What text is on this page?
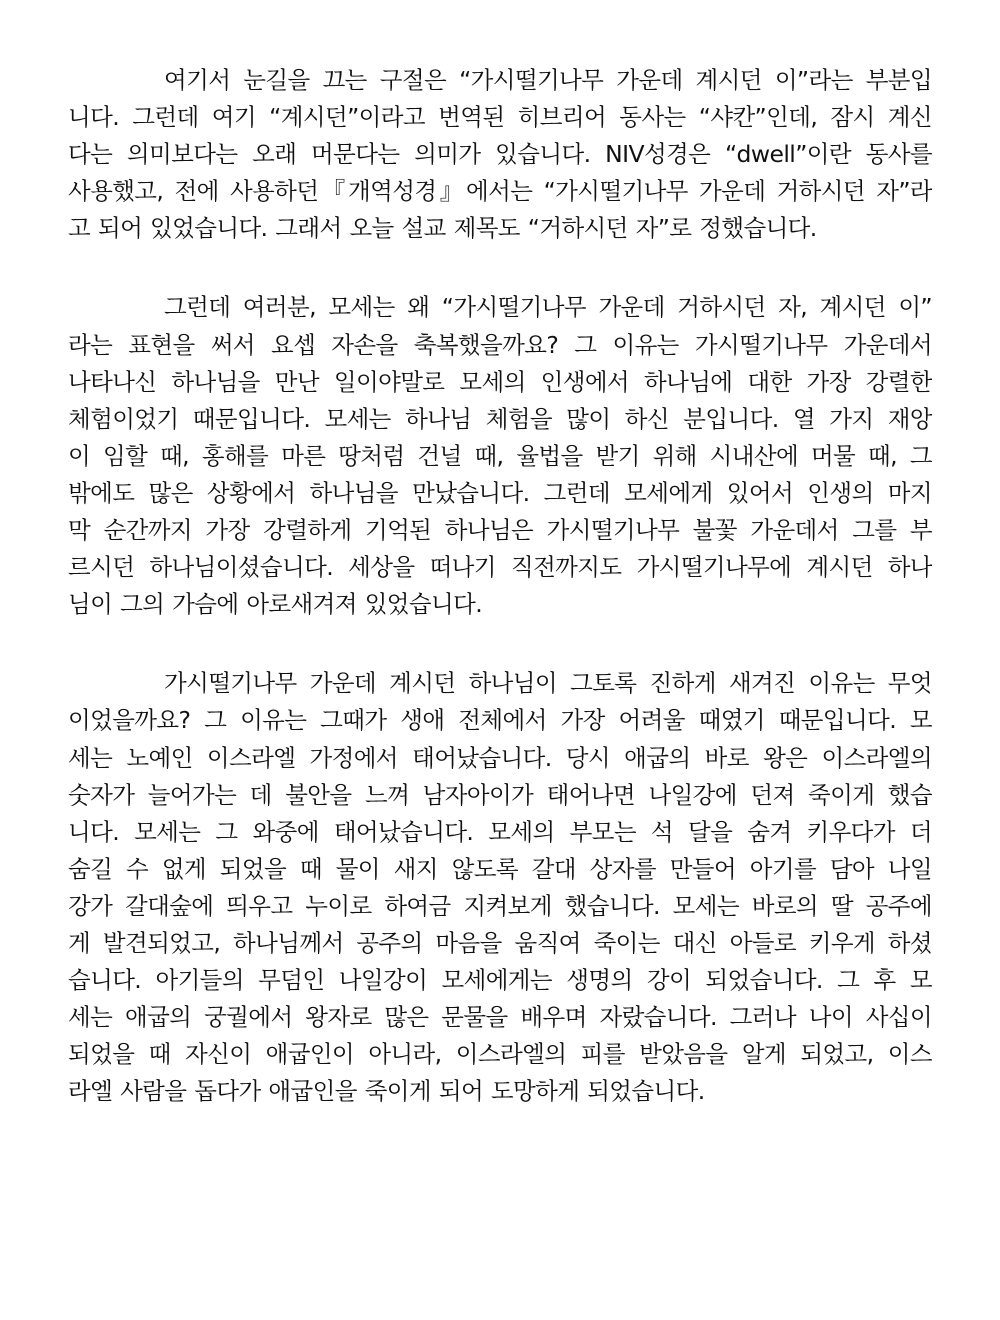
여기서 눈길을 끄는 구절은 “가시떨기나무 가운데 계시던 이”라는 부분입
니다. 그런데 여기 “계시던”이라고 번역된 히브리어 동사는 “샤칸”인데, 잠시 계신
다는 의미보다는 오래 머문다는 의미가 있습니다. NIV성경은 “dwell”이란 동사를
사용했고, 전에 사용하던『개역성경』에서는 “가시떨기나무 가운데 거하시던 자”라
고 되어 있었습니다. 그래서 오늘 설교 제목도 “거하시던 자”로 정했습니다.
그런데 여러분, 모세는 왜 “가시떨기나무 가운데 거하시던 자, 계시던 이”
라는 표현을 써서 요셉 자손을 축복했을까요? 그 이유는 가시떨기나무 가운데서
나타나신 하나님을 만난 일이야말로 모세의 인생에서 하나님에 대한 가장 강렬한
체험이었기 때문입니다. 모세는 하나님 체험을 많이 하신 분입니다. 열 가지 재앙
이 임할 때, 홍해를 마른 땅처럼 건널 때, 율법을 받기 위해 시내산에 머물 때, 그
밖에도 많은 상황에서 하나님을 만났습니다. 그런데 모세에게 있어서 인생의 마지
막 순간까지 가장 강렬하게 기억된 하나님은 가시떨기나무 불꽃 가운데서 그를 부
르시던 하나님이셨습니다. 세상을 떠나기 직전까지도 가시떨기나무에 계시던 하나
님이 그의 가슴에 아로새겨져 있었습니다.
가시떨기나무 가운데 계시던 하나님이 그토록 진하게 새겨진 이유는 무엇
이었을까요? 그 이유는 그때가 생애 전체에서 가장 어려울 때였기 때문입니다. 모
세는 노예인 이스라엘 가정에서 태어났습니다. 당시 애굽의 바로 왕은 이스라엘의
숫자가 늘어가는 데 불안을 느껴 남자아이가 태어나면 나일강에 던져 죽이게 했습
니다. 모세는 그 와중에 태어났습니다. 모세의 부모는 석 달을 숨겨 키우다가 더
숨길 수 없게 되었을 때 물이 새지 않도록 갈대 상자를 만들어 아기를 담아 나일
강가 갈대숲에 띄우고 누이로 하여금 지켜보게 했습니다. 모세는 바로의 딸 공주에
게 발견되었고, 하나님께서 공주의 마음을 움직여 죽이는 대신 아들로 키우게 하셨
습니다. 아기들의 무덤인 나일강이 모세에게는 생명의 강이 되었습니다. 그 후 모
세는 애굽의 궁궐에서 왕자로 많은 문물을 배우며 자랐습니다. 그러나 나이 사십이
되었을 때 자신이 애굽인이 아니라, 이스라엘의 피를 받았음을 알게 되었고, 이스
라엘 사람을 돕다가 애굽인을 죽이게 되어 도망하게 되었습니다.
